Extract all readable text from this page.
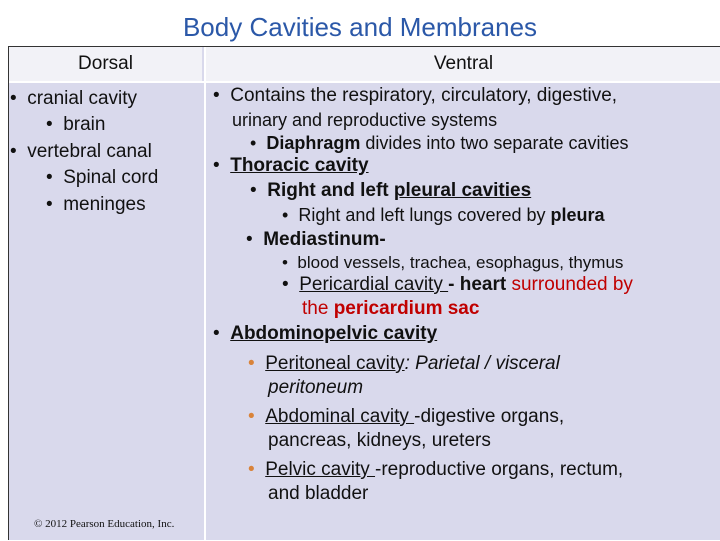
Body Cavities and Membranes
Dorsal	Ventral
• cranial cavity
• brain
• vertebral canal
• Spinal cord
• meninges
• Contains the respiratory, circulatory, digestive,
urinary and reproductive systems
• Diaphragm divides into two separate cavities
• Thoracic cavity
• Right and left pleural cavities
• Right and left lungs covered by pleura
• Mediastinum-
• blood vessels, trachea, esophagus, thymus
• Pericardial cavity - heart surrounded by
the pericardium sac
• Abdominopelvic cavity
• Peritoneal cavity: Parietal / visceral
peritoneum
• Abdominal cavity -digestive organs,
pancreas, kidneys, ureters
• Pelvic cavity -reproductive organs, rectum,
and bladder
© 2012 Pearson Education, Inc.
